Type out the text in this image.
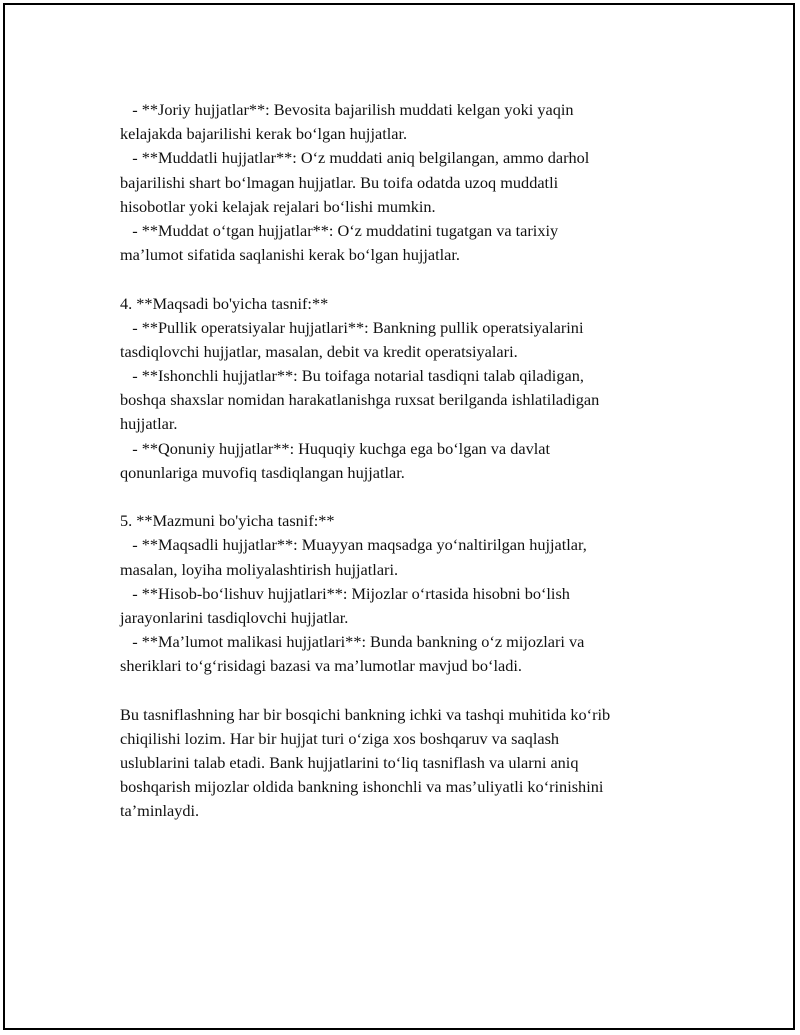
- **Joriy hujjatlar**: Bevosita bajarilish muddati kelgan yoki yaqin
kelajakda bajarilishi kerak bo‘lgan hujjatlar.
- **Muddatli hujjatlar**: O‘z muddati aniq belgilangan, ammo darhol
bajarilishi shart bo‘lmagan hujjatlar. Bu toifa odatda uzoq muddatli
hisobotlar yoki kelajak rejalari bo‘lishi mumkin.
- **Muddat o‘tgan hujjatlar**: O‘z muddatini tugatgan va tarixiy
ma’lumot sifatida saqlanishi kerak bo‘lgan hujjatlar.
4. **Maqsadi bo'yicha tasnif:**
- **Pullik operatsiyalar hujjatlari**: Bankning pullik operatsiyalarini
tasdiqlovchi hujjatlar, masalan, debit va kredit operatsiyalari.
- **Ishonchli hujjatlar**: Bu toifaga notarial tasdiqni talab qiladigan,
boshqa shaxslar nomidan harakatlanishga ruxsat berilganda ishlatiladigan
hujjatlar.
- **Qonuniy hujjatlar**: Huquqiy kuchga ega bo‘lgan va davlat
qonunlariga muvofiq tasdiqlangan hujjatlar.
5. **Mazmuni bo'yicha tasnif:**
- **Maqsadli hujjatlar**: Muayyan maqsadga yo‘naltirilgan hujjatlar,
masalan, loyiha moliyalashtirish hujjatlari.
- **Hisob-bo‘lishuv hujjatlari**: Mijozlar o‘rtasida hisobni bo‘lish
jarayonlarini tasdiqlovchi hujjatlar.
- **Ma’lumot malikasi hujjatlari**: Bunda bankning o‘z mijozlari va
sheriklari to‘g‘risidagi bazasi va ma’lumotlar mavjud bo‘ladi.
Bu tasniflashning har bir bosqichi bankning ichki va tashqi muhitida ko‘rib
chiqilishi lozim. Har bir hujjat turi o‘ziga xos boshqaruv va saqlash
uslublarini talab etadi. Bank hujjatlarini to‘liq tasniflash va ularni aniq
boshqarish mijozlar oldida bankning ishonchli va mas’uliyatli ko‘rinishini
ta’minlaydi.
